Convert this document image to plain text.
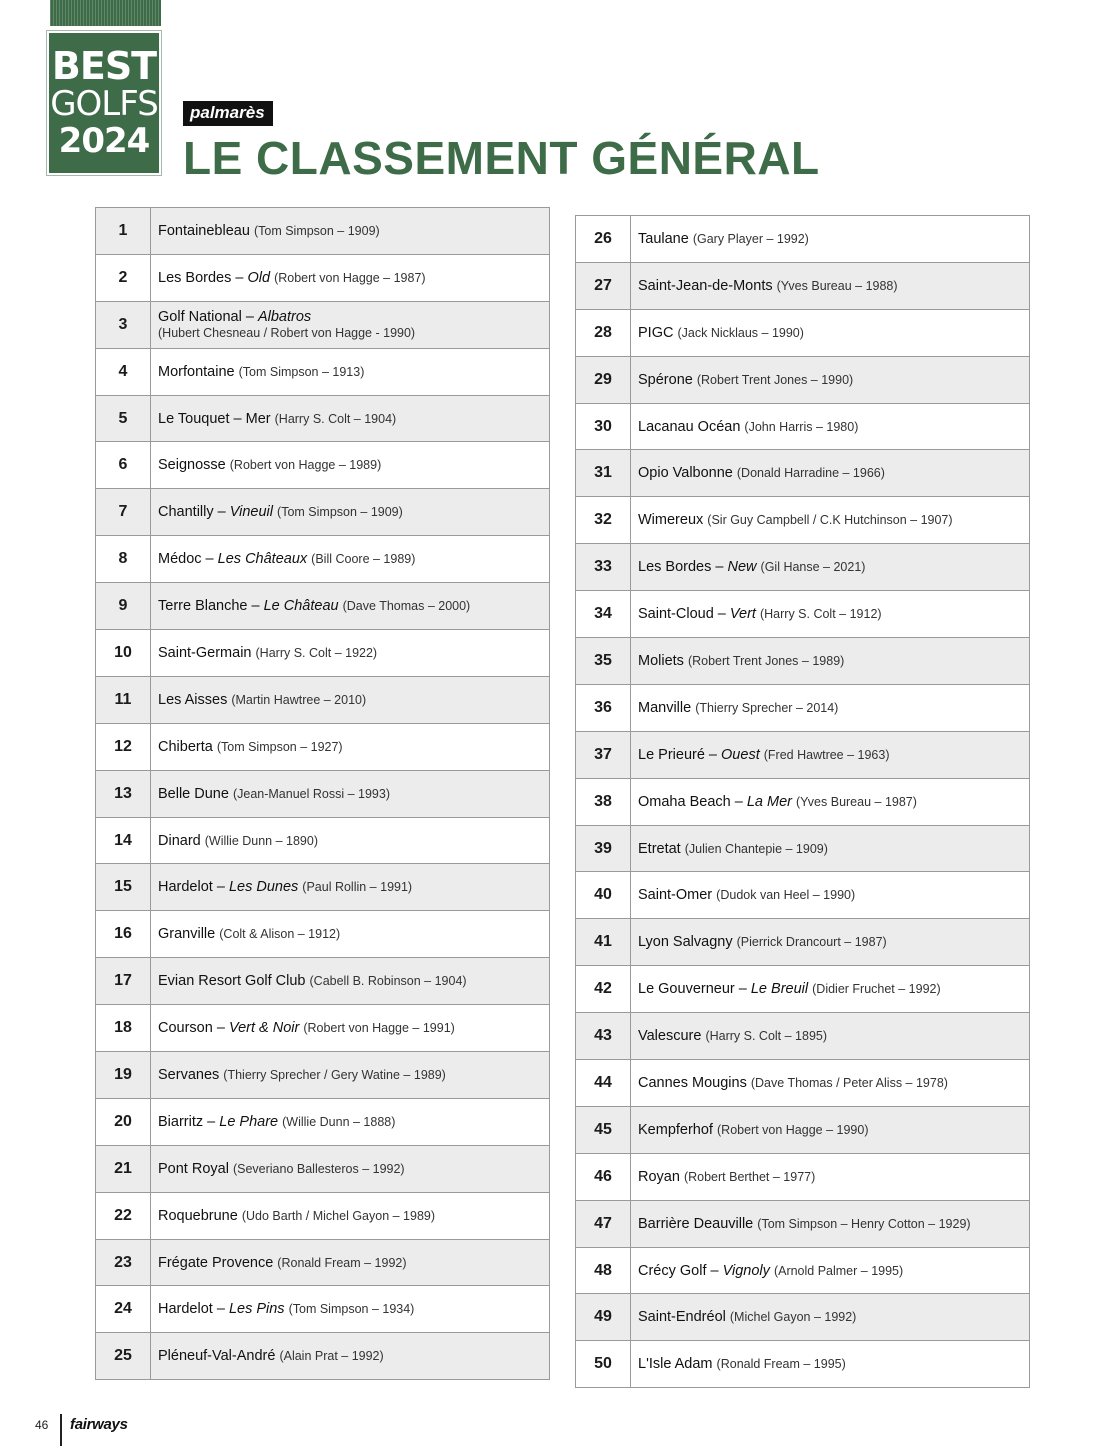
BEST
GOLFS
2024
palmarès
LE CLASSEMENT GÉNÉRAL
1	Fontainebleau (Tom Simpson – 1909)
2	Les Bordes – Old (Robert von Hagge – 1987)
3	Golf National – Albatros
(Hubert Chesneau / Robert von Hagge - 1990)

4	Morfontaine (Tom Simpson – 1913)
5	Le Touquet – Mer (Harry S. Colt – 1904)
6	Seignosse (Robert von Hagge – 1989)
7	Chantilly – Vineuil (Tom Simpson – 1909)
8	Médoc – Les Châteaux (Bill Coore – 1989)
9	Terre Blanche – Le Château (Dave Thomas – 2000)
10	Saint-Germain (Harry S. Colt – 1922)
11	Les Aisses (Martin Hawtree – 2010)
12	Chiberta (Tom Simpson – 1927)
13	Belle Dune (Jean-Manuel Rossi – 1993)
14	Dinard (Willie Dunn – 1890)
15	Hardelot – Les Dunes (Paul Rollin – 1991)
16	Granville (Colt & Alison – 1912)
17	Evian Resort Golf Club (Cabell B. Robinson – 1904)
18	Courson – Vert & Noir (Robert von Hagge – 1991)
19	Servanes (Thierry Sprecher / Gery Watine – 1989)
20	Biarritz – Le Phare (Willie Dunn – 1888)
21	Pont Royal (Severiano Ballesteros – 1992)
22	Roquebrune (Udo Barth / Michel Gayon – 1989)
23	Frégate Provence (Ronald Fream – 1992)
24	Hardelot – Les Pins (Tom Simpson – 1934)
25	Pléneuf-Val-André (Alain Prat – 1992)
26	Taulane (Gary Player – 1992)
27	Saint-Jean-de-Monts (Yves Bureau – 1988)
28	PIGC (Jack Nicklaus – 1990)
29	Spérone (Robert Trent Jones – 1990)
30	Lacanau Océan (John Harris – 1980)
31	Opio Valbonne (Donald Harradine – 1966)
32	Wimereux (Sir Guy Campbell / C.K Hutchinson – 1907)
33	Les Bordes – New (Gil Hanse – 2021)
34	Saint-Cloud – Vert (Harry S. Colt – 1912)
35	Moliets (Robert Trent Jones – 1989)
36	Manville (Thierry Sprecher – 2014)
37	Le Prieuré – Ouest (Fred Hawtree – 1963)
38	Omaha Beach – La Mer (Yves Bureau – 1987)
39	Etretat (Julien Chantepie – 1909)
40	Saint-Omer (Dudok van Heel – 1990)
41	Lyon Salvagny (Pierrick Drancourt – 1987)
42	Le Gouverneur – Le Breuil (Didier Fruchet – 1992)
43	Valescure (Harry S. Colt – 1895)
44	Cannes Mougins (Dave Thomas / Peter Aliss – 1978)
45	Kempferhof (Robert von Hagge – 1990)
46	Royan (Robert Berthet – 1977)
47	Barrière Deauville (Tom Simpson – Henry Cotton – 1929)
48	Crécy Golf – Vignoly (Arnold Palmer – 1995)
49	Saint-Endréol (Michel Gayon – 1992)
50	L'Isle Adam (Ronald Fream – 1995)
46 fairways
